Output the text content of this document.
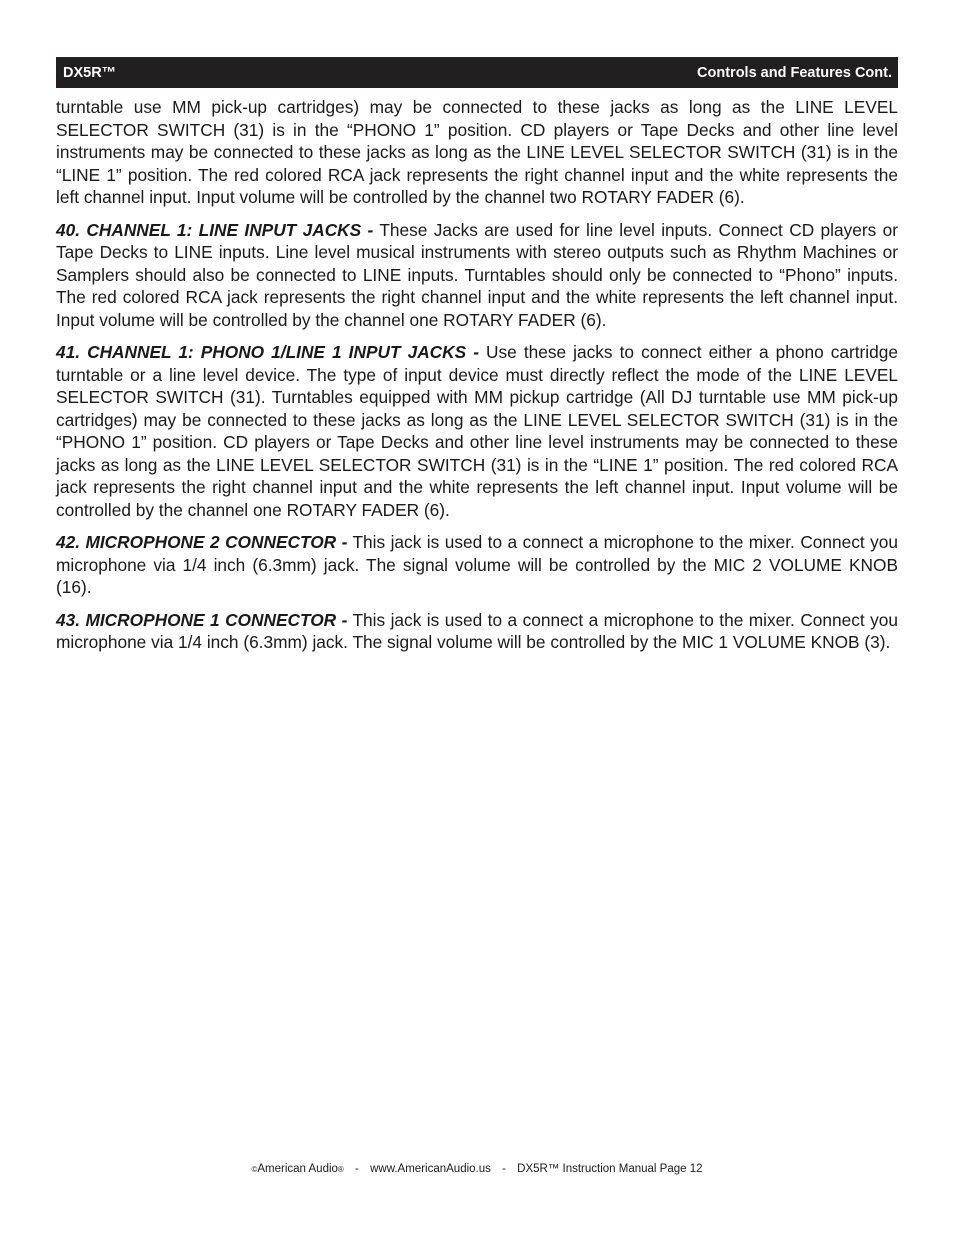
DX5R™	Controls and Features Cont.

turntable use MM pick-up cartridges) may be connected to these jacks as long as the LINE LEVEL SELECTOR SWITCH (31) is in the “PHONO 1” position. CD players or Tape Decks and other line level instruments may be connected to these jacks as long as the LINE LEVEL SELECTOR SWITCH (31) is in the “LINE 1” position. The red colored RCA jack represents the right channel input and the white represents the left channel input. Input volume will be controlled by the channel two ROTARY FADER (6).

40. CHANNEL 1: LINE INPUT JACKS - These Jacks are used for line level inputs. Connect CD players or Tape Decks to LINE inputs. Line level musical instruments with stereo outputs such as Rhythm Machines or Samplers should also be connected to LINE inputs. Turntables should only be connected to “Phono” inputs. The red colored RCA jack represents the right channel input and the white represents the left channel input. Input volume will be controlled by the channel one ROTARY FADER (6).

41. CHANNEL 1: PHONO 1/LINE 1 INPUT JACKS - Use these jacks to connect either a phono cartridge turntable or a line level device. The type of input device must directly reflect the mode of the LINE LEVEL SELECTOR SWITCH (31). Turntables equipped with MM pickup cartridge (All DJ turntable use MM pick-up cartridges) may be connected to these jacks as long as the LINE LEVEL SELECTOR SWITCH (31) is in the “PHONO 1” position. CD players or Tape Decks and other line level instruments may be connected to these jacks as long as the LINE LEVEL SELECTOR SWITCH (31) is in the “LINE 1” position. The red colored RCA jack represents the right channel input and the white represents the left channel input. Input volume will be controlled by the channel one ROTARY FADER (6).

42. MICROPHONE 2 CONNECTOR - This jack is used to a connect a microphone to the mixer. Connect you microphone via 1/4 inch (6.3mm) jack. The signal volume will be controlled by the MIC 2 VOLUME KNOB (16).

43. MICROPHONE 1 CONNECTOR - This jack is used to a connect a microphone to the mixer. Connect you microphone via 1/4 inch (6.3mm) jack. The signal volume will be controlled by the MIC 1 VOLUME KNOB (3).

©American Audio® - www.AmericanAudio.us - DX5R™ Instruction Manual Page 12
